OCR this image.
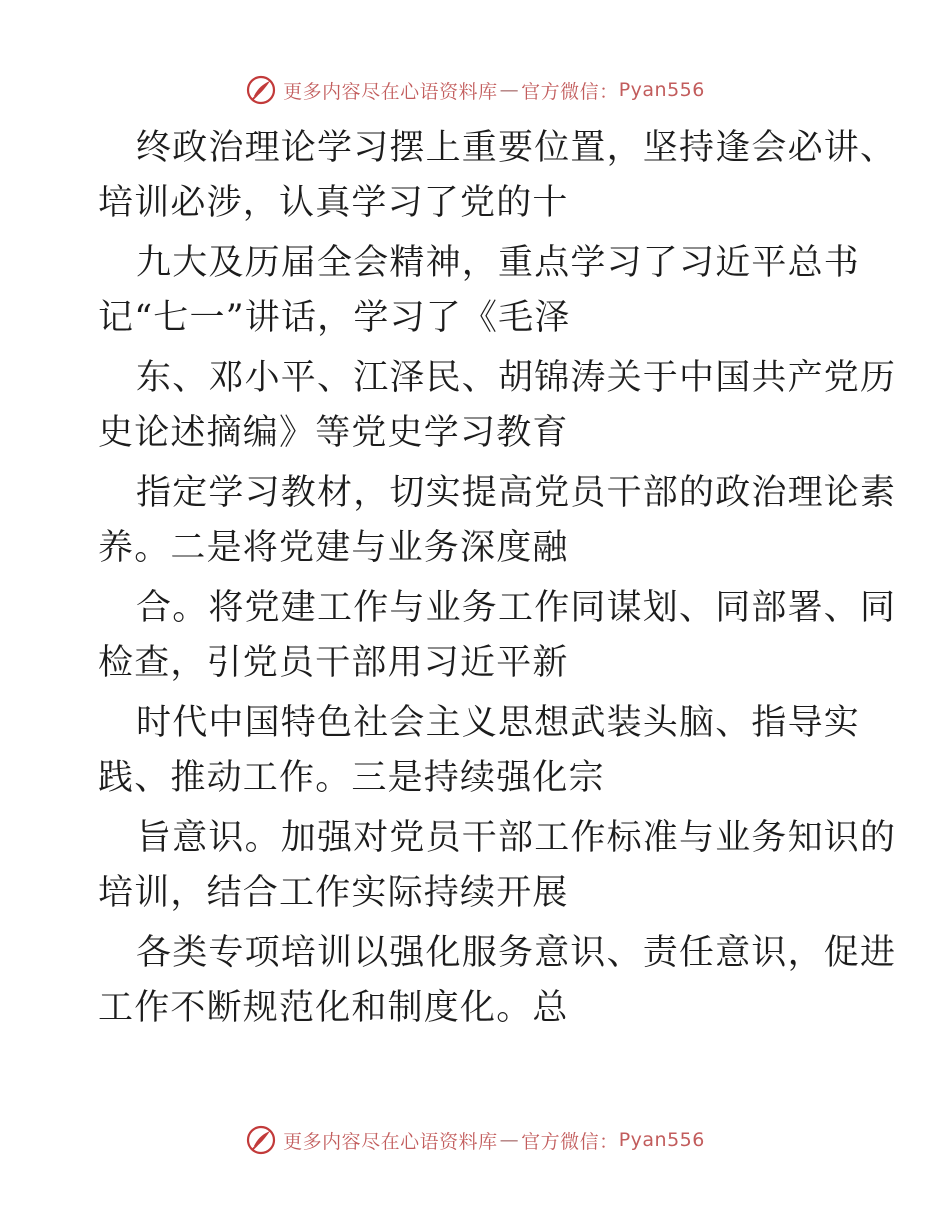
更多内容尽在心语资料库 — 官方微信： Pyan556
终政治理论学习摆上重要位置，坚持逢会必讲、
培训必涉，认真学习了党的十
九大及历届全会精神，重点学习了习近平总书
记“七一”讲话，学习了《毛泽
东、邓小平、江泽民、胡锦涛关于中国共产党历
史论述摘编》等党史学习教育
指定学习教材，切实提高党员干部的政治理论素
养。二是将党建与业务深度融
合。将党建工作与业务工作同谋划、同部署、同
检查，引党员干部用习近平新
时代中国特色社会主义思想武装头脑、指导实
践、推动工作。三是持续强化宗
旨意识。加强对党员干部工作标准与业务知识的
培训，结合工作实际持续开展
各类专项培训以强化服务意识、责任意识，促进
工作不断规范化和制度化。总
更多内容尽在心语资料库 — 官方微信： Pyan556
